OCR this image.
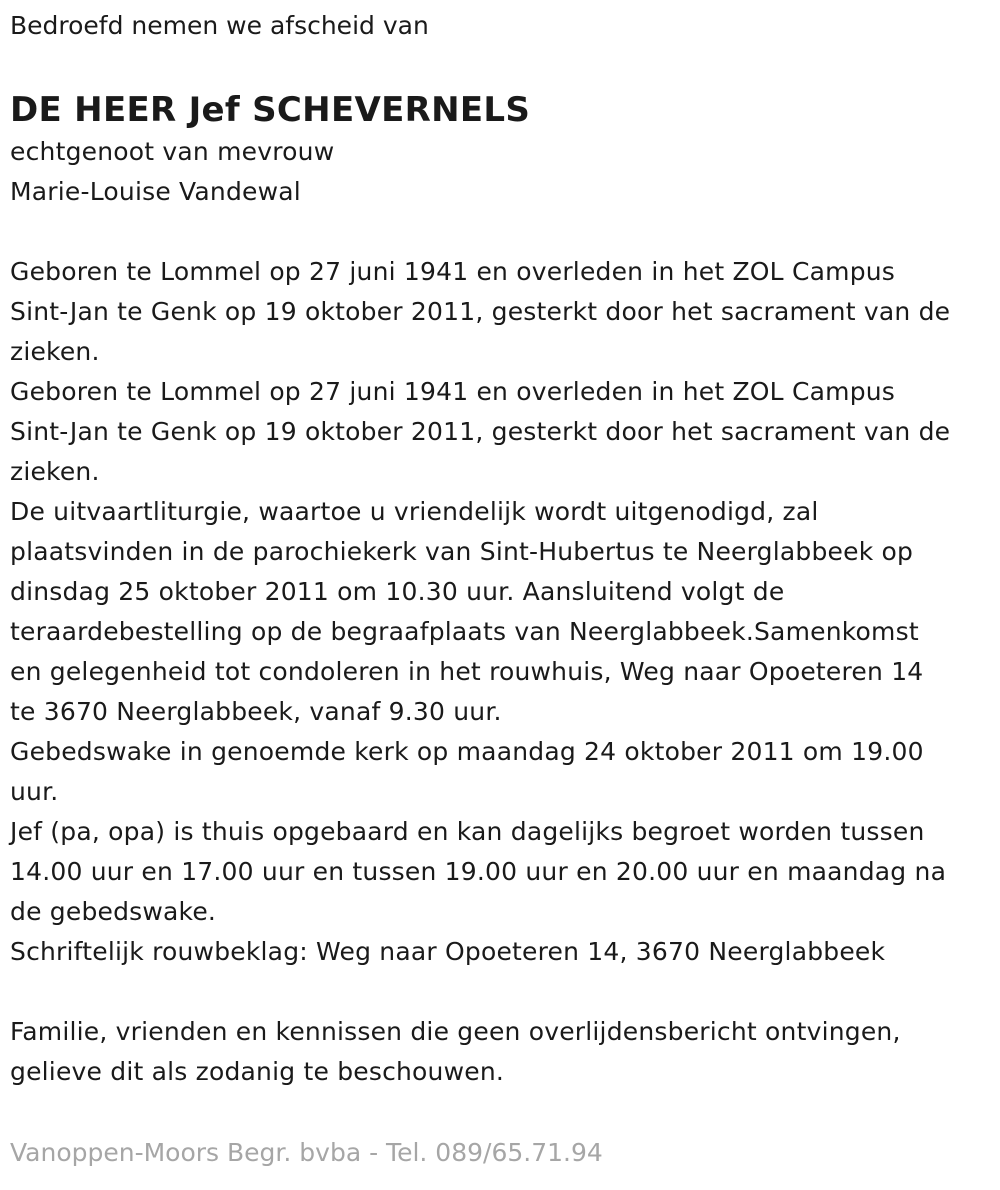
Bedroefd nemen we afscheid van

DE HEER Jef SCHEVERNELS

echtgenoot van mevrouw

Marie-Louise Vandewal

Geboren te Lommel op 27 juni 1941 en overleden in het ZOL Campus

Sint-Jan te Genk op 19 oktober 2011, gesterkt door het sacrament van de

zieken.

Geboren te Lommel op 27 juni 1941 en overleden in het ZOL Campus

Sint-Jan te Genk op 19 oktober 2011, gesterkt door het sacrament van de

zieken.

De uitvaartliturgie, waartoe u vriendelijk wordt uitgenodigd, zal

plaatsvinden in de parochiekerk van Sint-Hubertus te Neerglabbeek op

dinsdag 25 oktober 2011 om 10.30 uur. Aansluitend volgt de

teraardebestelling op de begraafplaats van Neerglabbeek.Samenkomst

en gelegenheid tot condoleren in het rouwhuis, Weg naar Opoeteren 14

te 3670 Neerglabbeek, vanaf 9.30 uur.

Gebedswake in genoemde kerk op maandag 24 oktober 2011 om 19.00

uur.

Jef (pa, opa) is thuis opgebaard en kan dagelijks begroet worden tussen

14.00 uur en 17.00 uur en tussen 19.00 uur en 20.00 uur en maandag na

de gebedswake.

Schriftelijk rouwbeklag: Weg naar Opoeteren 14, 3670 Neerglabbeek

Familie, vrienden en kennissen die geen overlijdensbericht ontvingen,

gelieve dit als zodanig te beschouwen.

Vanoppen-Moors Begr. bvba - Tel. 089/65.71.94
